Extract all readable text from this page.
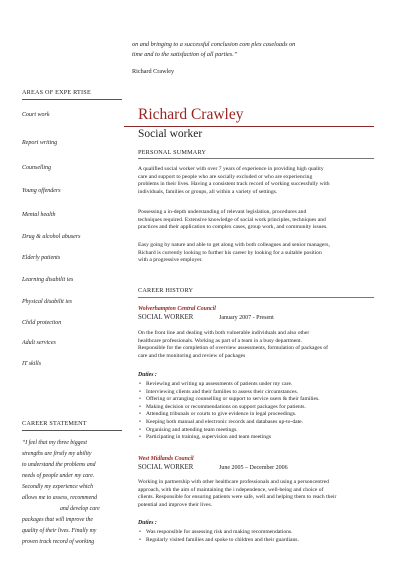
on and bringing to a successful conclusion com plex caseloads on
time and to the satisfaction of all parties.”
Richard Crawley
AREAS OF EXPE RTISE
Court work
Report writing
Counselling
Young offenders
Mental health
Drug & alcohol abusers
Elderly patients
Learning disabilit ies
Physical disabilit ies
Child protection
Adult services
IT skills
CAREER STATEMENT
“I feel that my three biggest
strengths are firstly my ability
to understand the problems and
needs of people under my care.
Secondly my experience which
allows me to assess, recommend
and develop care
packages that will improve the
quality of their lives. Finally my
proven track record of working
Richard Crawley
Social worker
PERSONAL SUMMARY
A qualified social worker with over 7 years of experience in providing high quality
care and support to people who are socially excluded or who are experiencing
problems in their lives. Having a consistent track record of working successfully with
individuals, families or groups, all within a variety of settings.
Possessing a in-depth understanding of relevant legislation, procedures and
techniques required. Extensive knowledge of social work principles, techniques and
practices and their application to complex cases, group work, and community issues.
Easy going by nature and able to get along with both colleagues and senior managers,
Richard is currently looking to further his career by looking for a suitable position
with a progressive employer.
CAREER HISTORY
Wolverhampton Central Council
SOCIAL WORKER	January 2007 - Present
On the front line and dealing with both vulnerable individuals and also other
healthcare professionals. Working as part of a team in a busy department.
Responsible for the completion of overview assessments, formulation of packages of
care and the monitoring and review of packages
Duties :
• Reviewing and writing up assessments of patients under my care.
• Interviewing clients and their families to assess their circumstances.
• Offering or arranging counselling or support to service users & their families.
• Making decision or recommendations on support packages for patients.
• Attending tribunals or courts to give evidence in legal proceedings.
• Keeping both manual and electronic records and databases up-to-date.
• Organising and attending team meetings.
• Participating in training, supervision and team meetings
West Midlands Council
SOCIAL WORKER	June 2005 – December 2006
Working in partnership with other healthcare professionals and using a personcentred
approach, with the aim of maintaining the i ndependence, well-being and choice of
clients. Responsible for ensuring patients were safe, well and helping them to reach their
potential and improve their lives.
Duties :
• Was responsible for assessing risk and making recommendations.
• Regularly visited families and spoke to children and their guardians.
